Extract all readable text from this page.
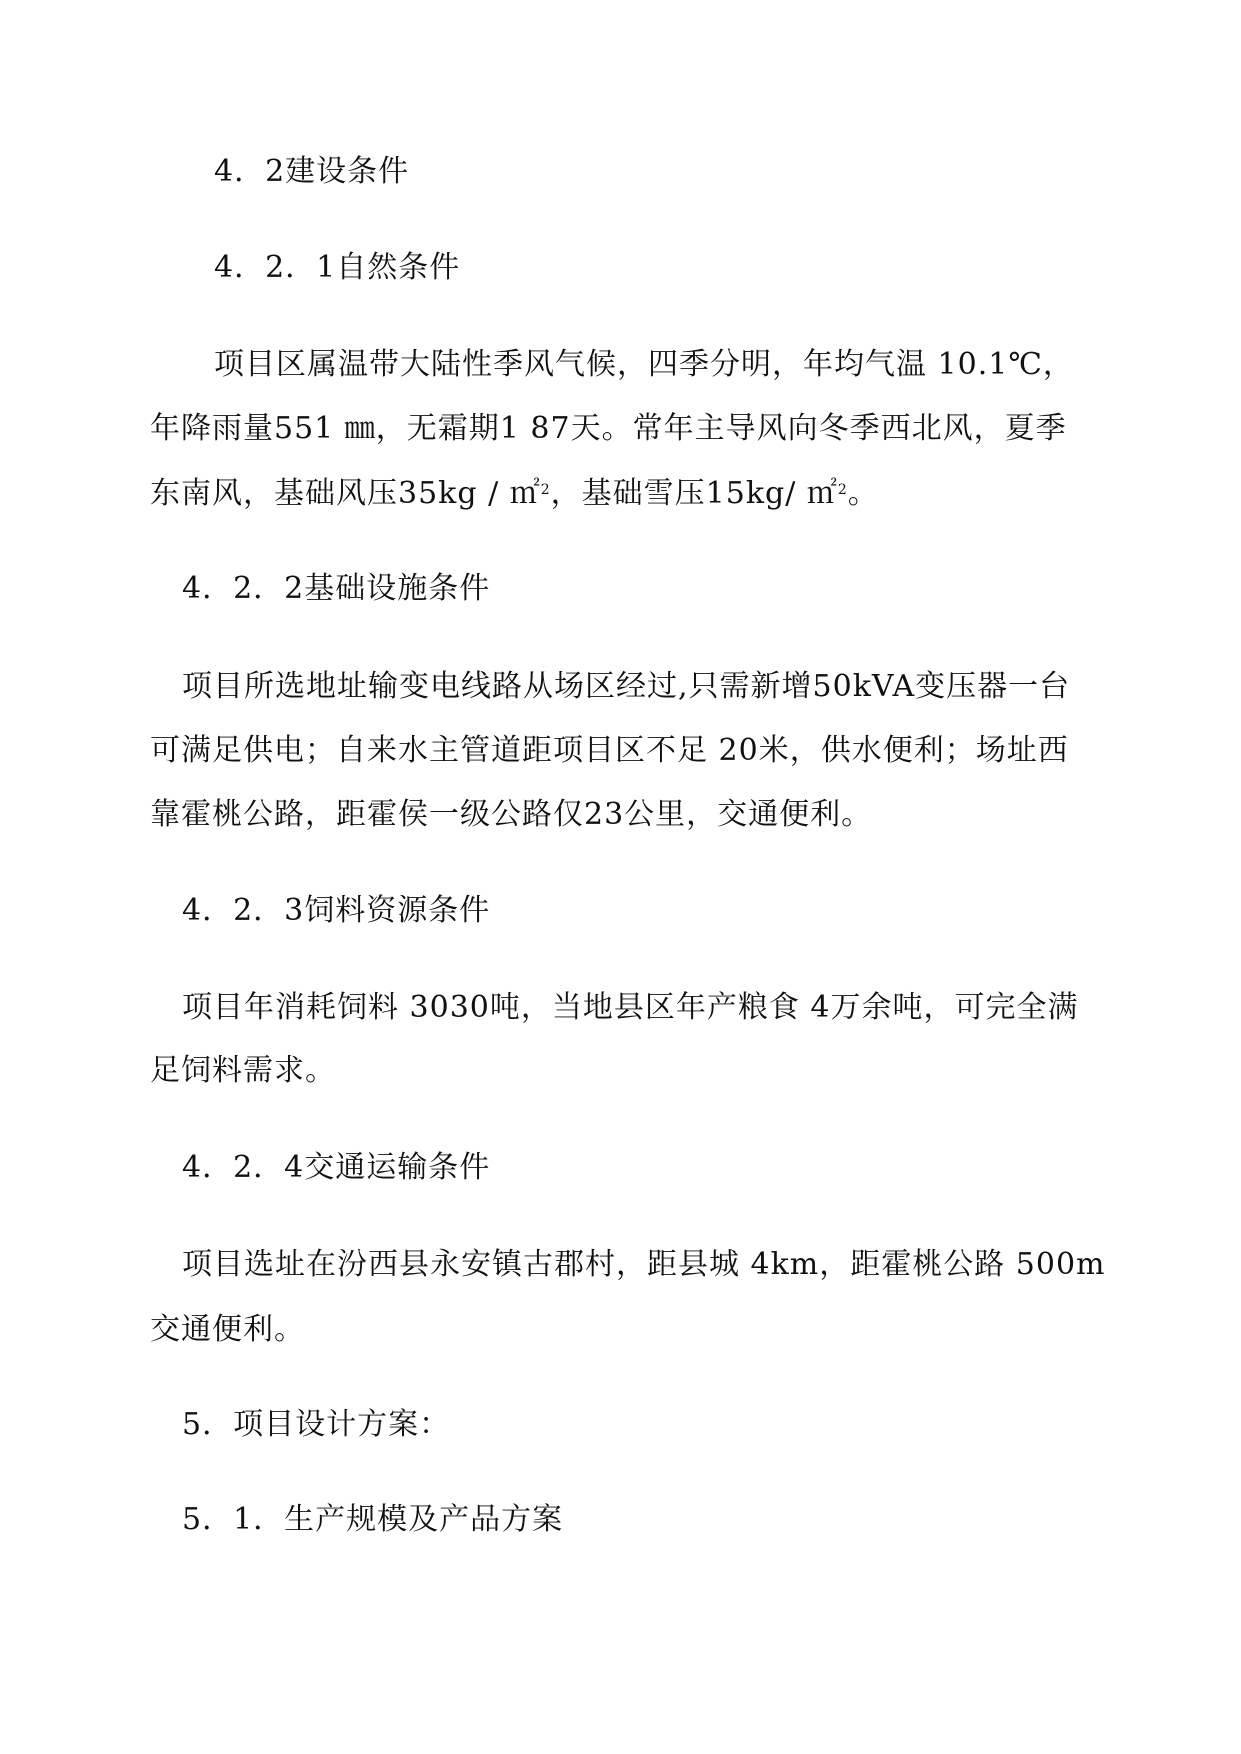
4．2建设条件
4．2．1自然条件
项目区属温带大陆性季风气候，四季分明，年均气温 10.1℃，
年降雨量551 ㎜，无霜期1 87天。常年主导风向冬季西北风，夏季
东南风，基础风压35kg / ㎡$^2$，基础雪压15kg/ ㎡$^2$。
4．2．2基础设施条件
项目所选地址输变电线路从场区经过,只需新增50kVA变压器一台
可满足供电；自来水主管道距项目区不足 20米，供水便利；场址西
靠霍桃公路，距霍侯一级公路仅23公里，交通便利。
4．2．3饲料资源条件
项目年消耗饲料 3030吨，当地县区年产粮食 4万余吨，可完全满
足饲料需求。
4．2．4交通运输条件
项目选址在汾西县永安镇古郡村，距县城 4km，距霍桃公路 500m
交通便利。
5．项目设计方案：
5．1．生产规模及产品方案
